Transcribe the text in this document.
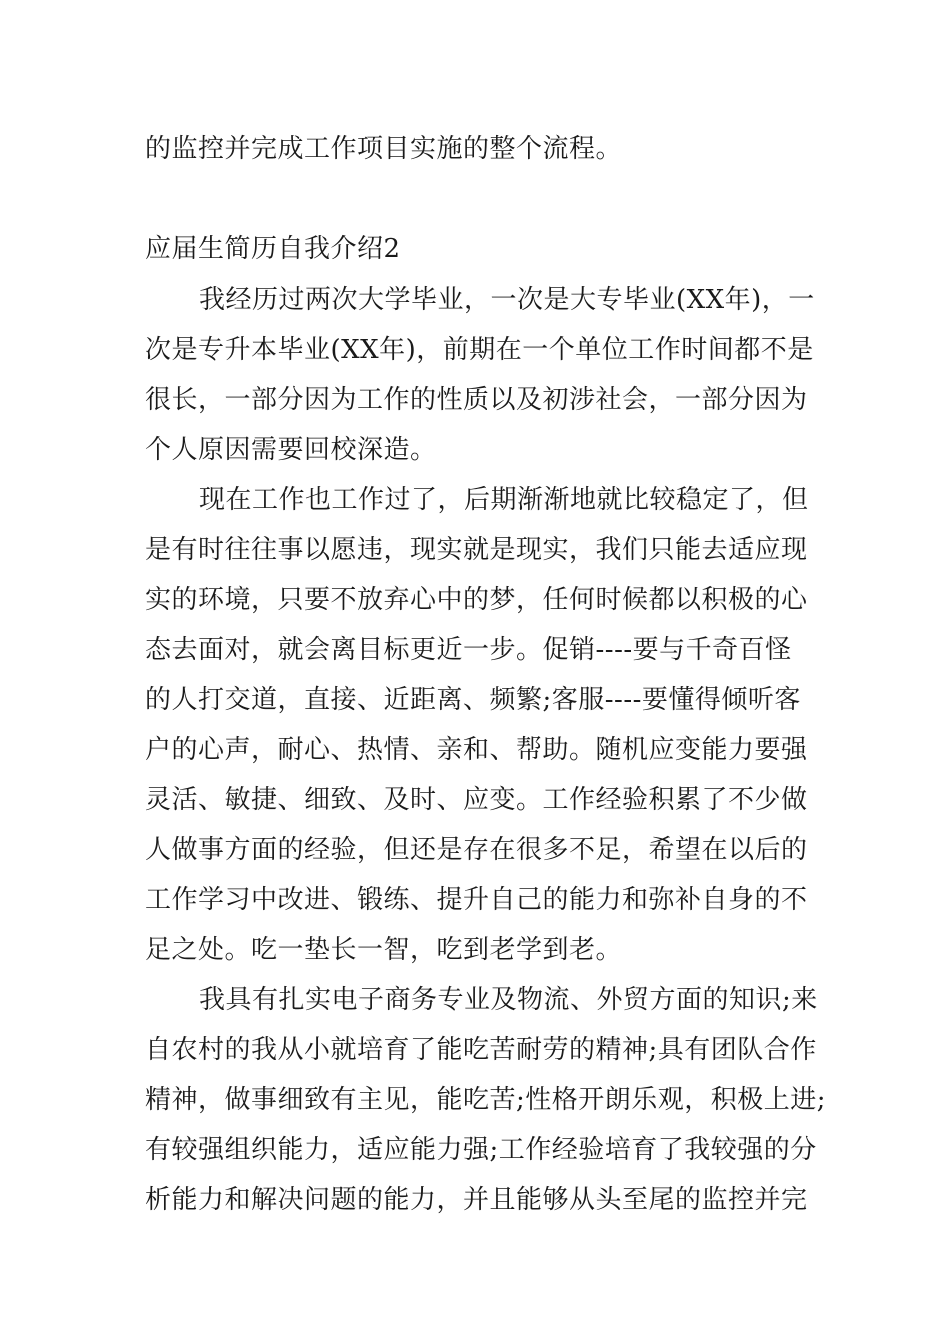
的监控并完成工作项目实施的整个流程。
应届生简历自我介绍2
我经历过两次大学毕业，一次是大专毕业(XX年)，一
次是专升本毕业(XX年)，前期在一个单位工作时间都不是
很长，一部分因为工作的性质以及初涉社会，一部分因为
个人原因需要回校深造。
现在工作也工作过了，后期渐渐地就比较稳定了，但
是有时往往事以愿违，现实就是现实，我们只能去适应现
实的环境，只要不放弃心中的梦，任何时候都以积极的心
态去面对，就会离目标更近一步。促销----要与千奇百怪
的人打交道，直接、近距离、频繁;客服----要懂得倾听客
户的心声，耐心、热情、亲和、帮助。随机应变能力要强
灵活、敏捷、细致、及时、应变。工作经验积累了不少做
人做事方面的经验，但还是存在很多不足，希望在以后的
工作学习中改进、锻练、提升自己的能力和弥补自身的不
足之处。吃一垫长一智，吃到老学到老。
我具有扎实电子商务专业及物流、外贸方面的知识;来
自农村的我从小就培育了能吃苦耐劳的精神;具有团队合作
精神，做事细致有主见，能吃苦;性格开朗乐观，积极上进;
有较强组织能力，适应能力强;工作经验培育了我较强的分
析能力和解决问题的能力，并且能够从头至尾的监控并完
